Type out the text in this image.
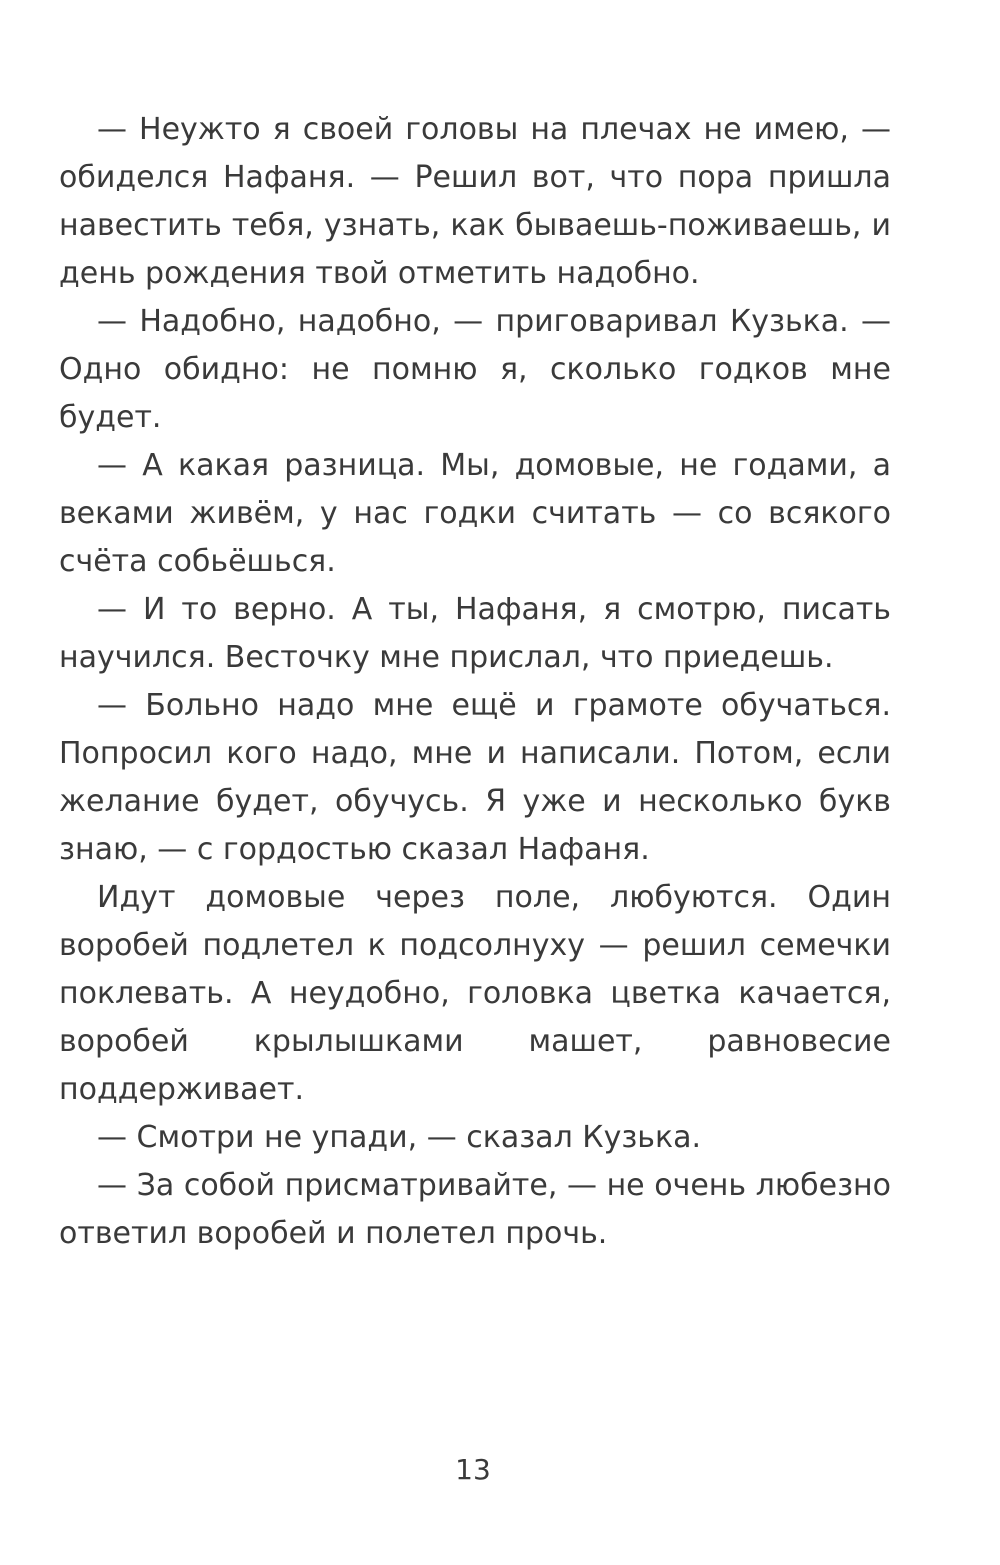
— Неужто я своей головы на плечах не имею, — обиделся Нафаня. — Решил вот, что пора пришла навестить тебя, узнать, как бываешь-поживаешь, и день рождения твой отметить надобно.

— Надобно, надобно, — приговаривал Кузька. — Одно обидно: не помню я, сколько годков мне будет.

— А какая разница. Мы, домовые, не годами, а веками живём, у нас годки считать — со всякого счёта собьёшься.

— И то верно. А ты, Нафаня, я смотрю, писать научился. Весточку мне прислал, что приедешь.

— Больно надо мне ещё и грамоте обучаться. Попросил кого надо, мне и написали. Потом, если желание будет, обучусь. Я уже и несколько букв знаю, — с гордостью сказал Нафаня.

Идут домовые через поле, любуются. Один воробей подлетел к подсолнуху — решил семечки поклевать. А неудобно, головка цветка качается, воробей крылышками машет, равновесие поддерживает.

— Смотри не упади, — сказал Кузька.

— За собой присматривайте, — не очень любезно ответил воробей и полетел прочь.

13
